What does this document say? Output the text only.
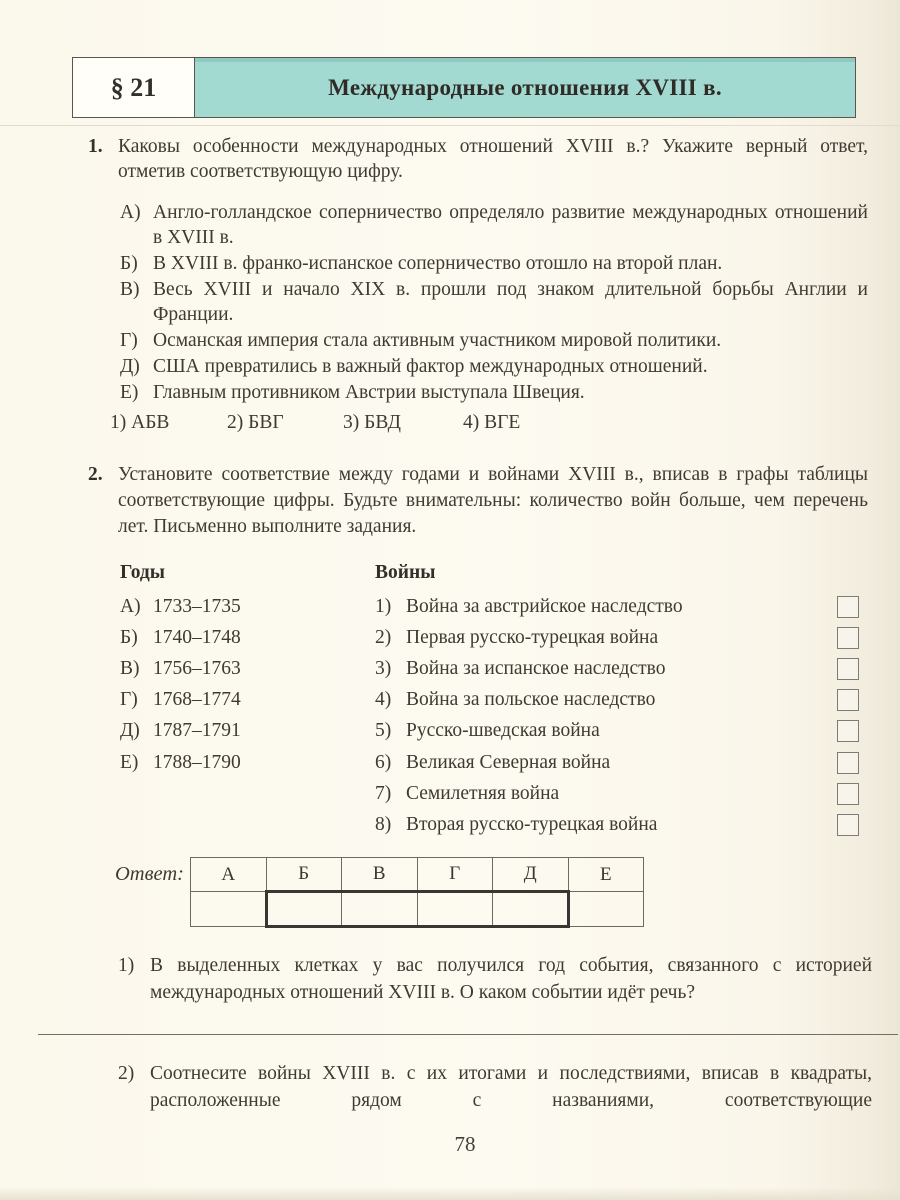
§ 21	Международные отношения XVIII в.
1. Каковы особенности международных отношений XVIII в.? Укажите верный ответ, отметив соответствующую цифру.
А) Англо-голландское соперничество определяло развитие международных отношений в XVIII в.
Б) В XVIII в. франко-испанское соперничество отошло на второй план.
В) Весь XVIII и начало XIX в. прошли под знаком длительной борьбы Англии и Франции.
Г) Османская империя стала активным участником мировой политики.
Д) США превратились в важный фактор международных отношений.
Е) Главным противником Австрии выступала Швеция.
1) АБВ	2) БВГ	3) БВД	4) ВГЕ
2. Установите соответствие между годами и войнами XVIII в., вписав в графы таблицы соответствующие цифры. Будьте внимательны: количество войн больше, чем перечень лет. Письменно выполните задания.
Годы
А) 1733–1735
Б) 1740–1748
В) 1756–1763
Г) 1768–1774
Д) 1787–1791
Е) 1788–1790
Войны
1) Война за австрийское наследство
2) Первая русско-турецкая война
3) Война за испанское наследство
4) Война за польское наследство
5) Русско-шведская война
6) Великая Северная война
7) Семилетняя война
8) Вторая русско-турецкая война
Ответ: А	Б	В	Г	Д	Е

1) В выделенных клетках у вас получился год события, связанного с историей международных отношений XVIII в. О каком событии идёт речь?
2) Соотнесите войны XVIII в. с их итогами и последствиями, вписав в квадраты, расположенные рядом с названиями, соответствующие
78
